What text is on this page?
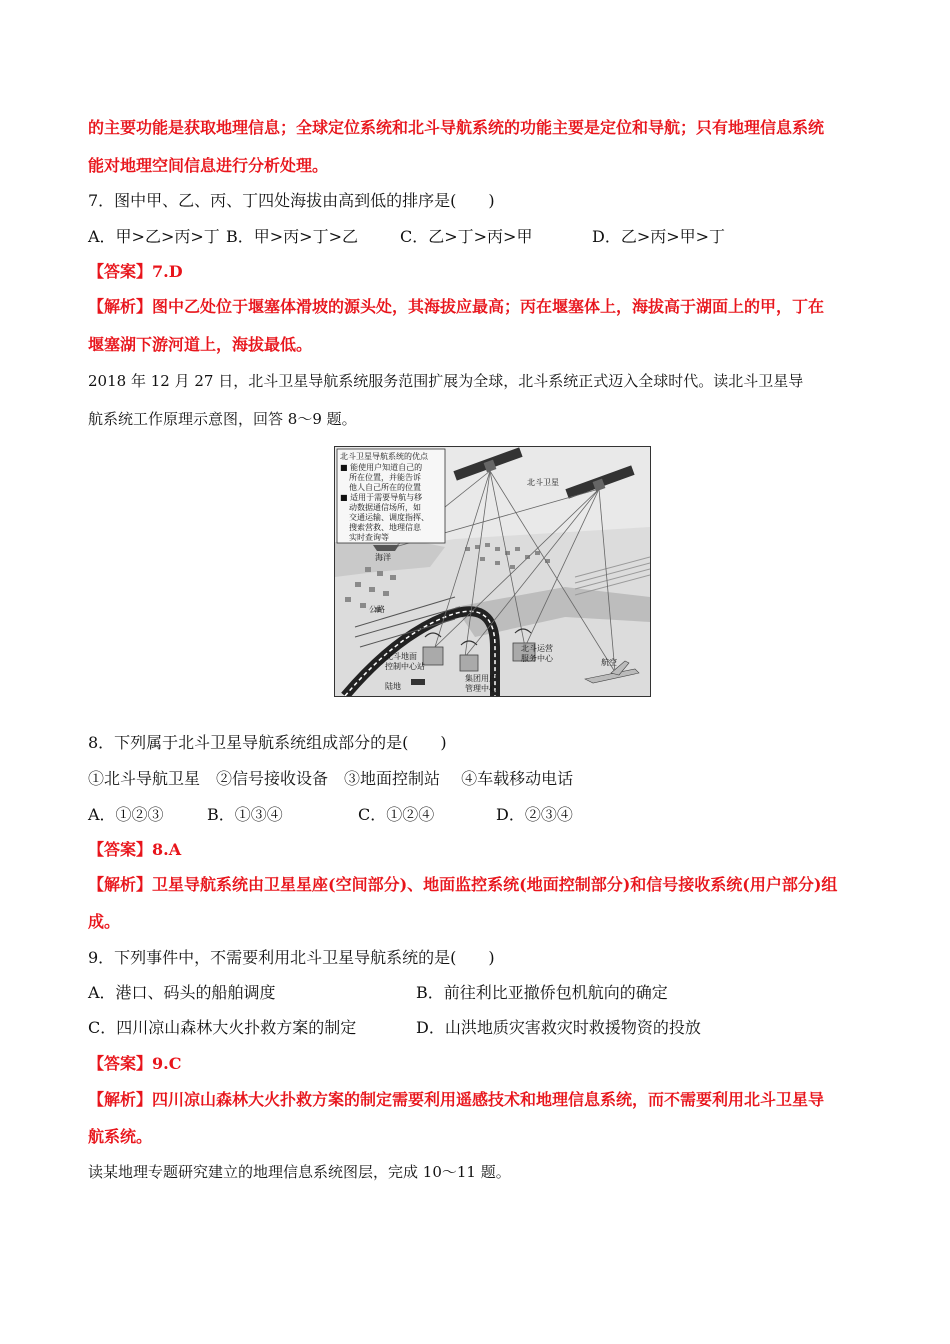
的主要功能是获取地理信息；全球定位系统和北斗导航系统的功能主要是定位和导航；只有地理信息系统
能对地理空间信息进行分析处理。
7．图中甲、乙、丙、丁四处海拔由高到低的排序是(　　)
A．甲>乙>丙>丁 B．甲>丙>丁>乙	C．乙>丁>丙>甲	D．乙>丙>甲>丁
【答案】7.D
【解析】图中乙处位于堰塞体滑坡的源头处，其海拔应最高；丙在堰塞体上，海拔高于湖面上的甲，丁在
堰塞湖下游河道上，海拔最低。
2018 年 12 月 27 日，北斗卫星导航系统服务范围扩展为全球，北斗系统正式迈入全球时代。读北斗卫星导
航系统工作原理示意图，回答 8～9 题。
北斗卫星导航系统的优点
■ 能使用户知道自己的
所在位置，并能告诉
他人自己所在的位置
■ 适用于需要导航与移
动数据通信场所，如
交通运输、调度指挥、
搜索营救、地理信息
实时查询等
北斗卫星
海洋
公路
北斗地面
控制中心站
陆地
集团用户
管理中心
北斗运营
服务中心	航空
8．下列属于北斗卫星导航系统组成部分的是(　　)
①北斗导航卫星　②信号接收设备　③地面控制站　 ④车载移动电话
A．①②③	B．①③④	C．①②④	D．②③④
【答案】8.A
【解析】卫星导航系统由卫星星座(空间部分)、地面监控系统(地面控制部分)和信号接收系统(用户部分)组
成。
9．下列事件中，不需要利用北斗卫星导航系统的是(　　)
A．港口、码头的船舶调度	B．前往利比亚撤侨包机航向的确定
C．四川凉山森林大火扑救方案的制定	D．山洪地质灾害救灾时救援物资的投放
【答案】9.C
【解析】四川凉山森林大火扑救方案的制定需要利用遥感技术和地理信息系统，而不需要利用北斗卫星导
航系统。
读某地理专题研究建立的地理信息系统图层，完成 10～11 题。
